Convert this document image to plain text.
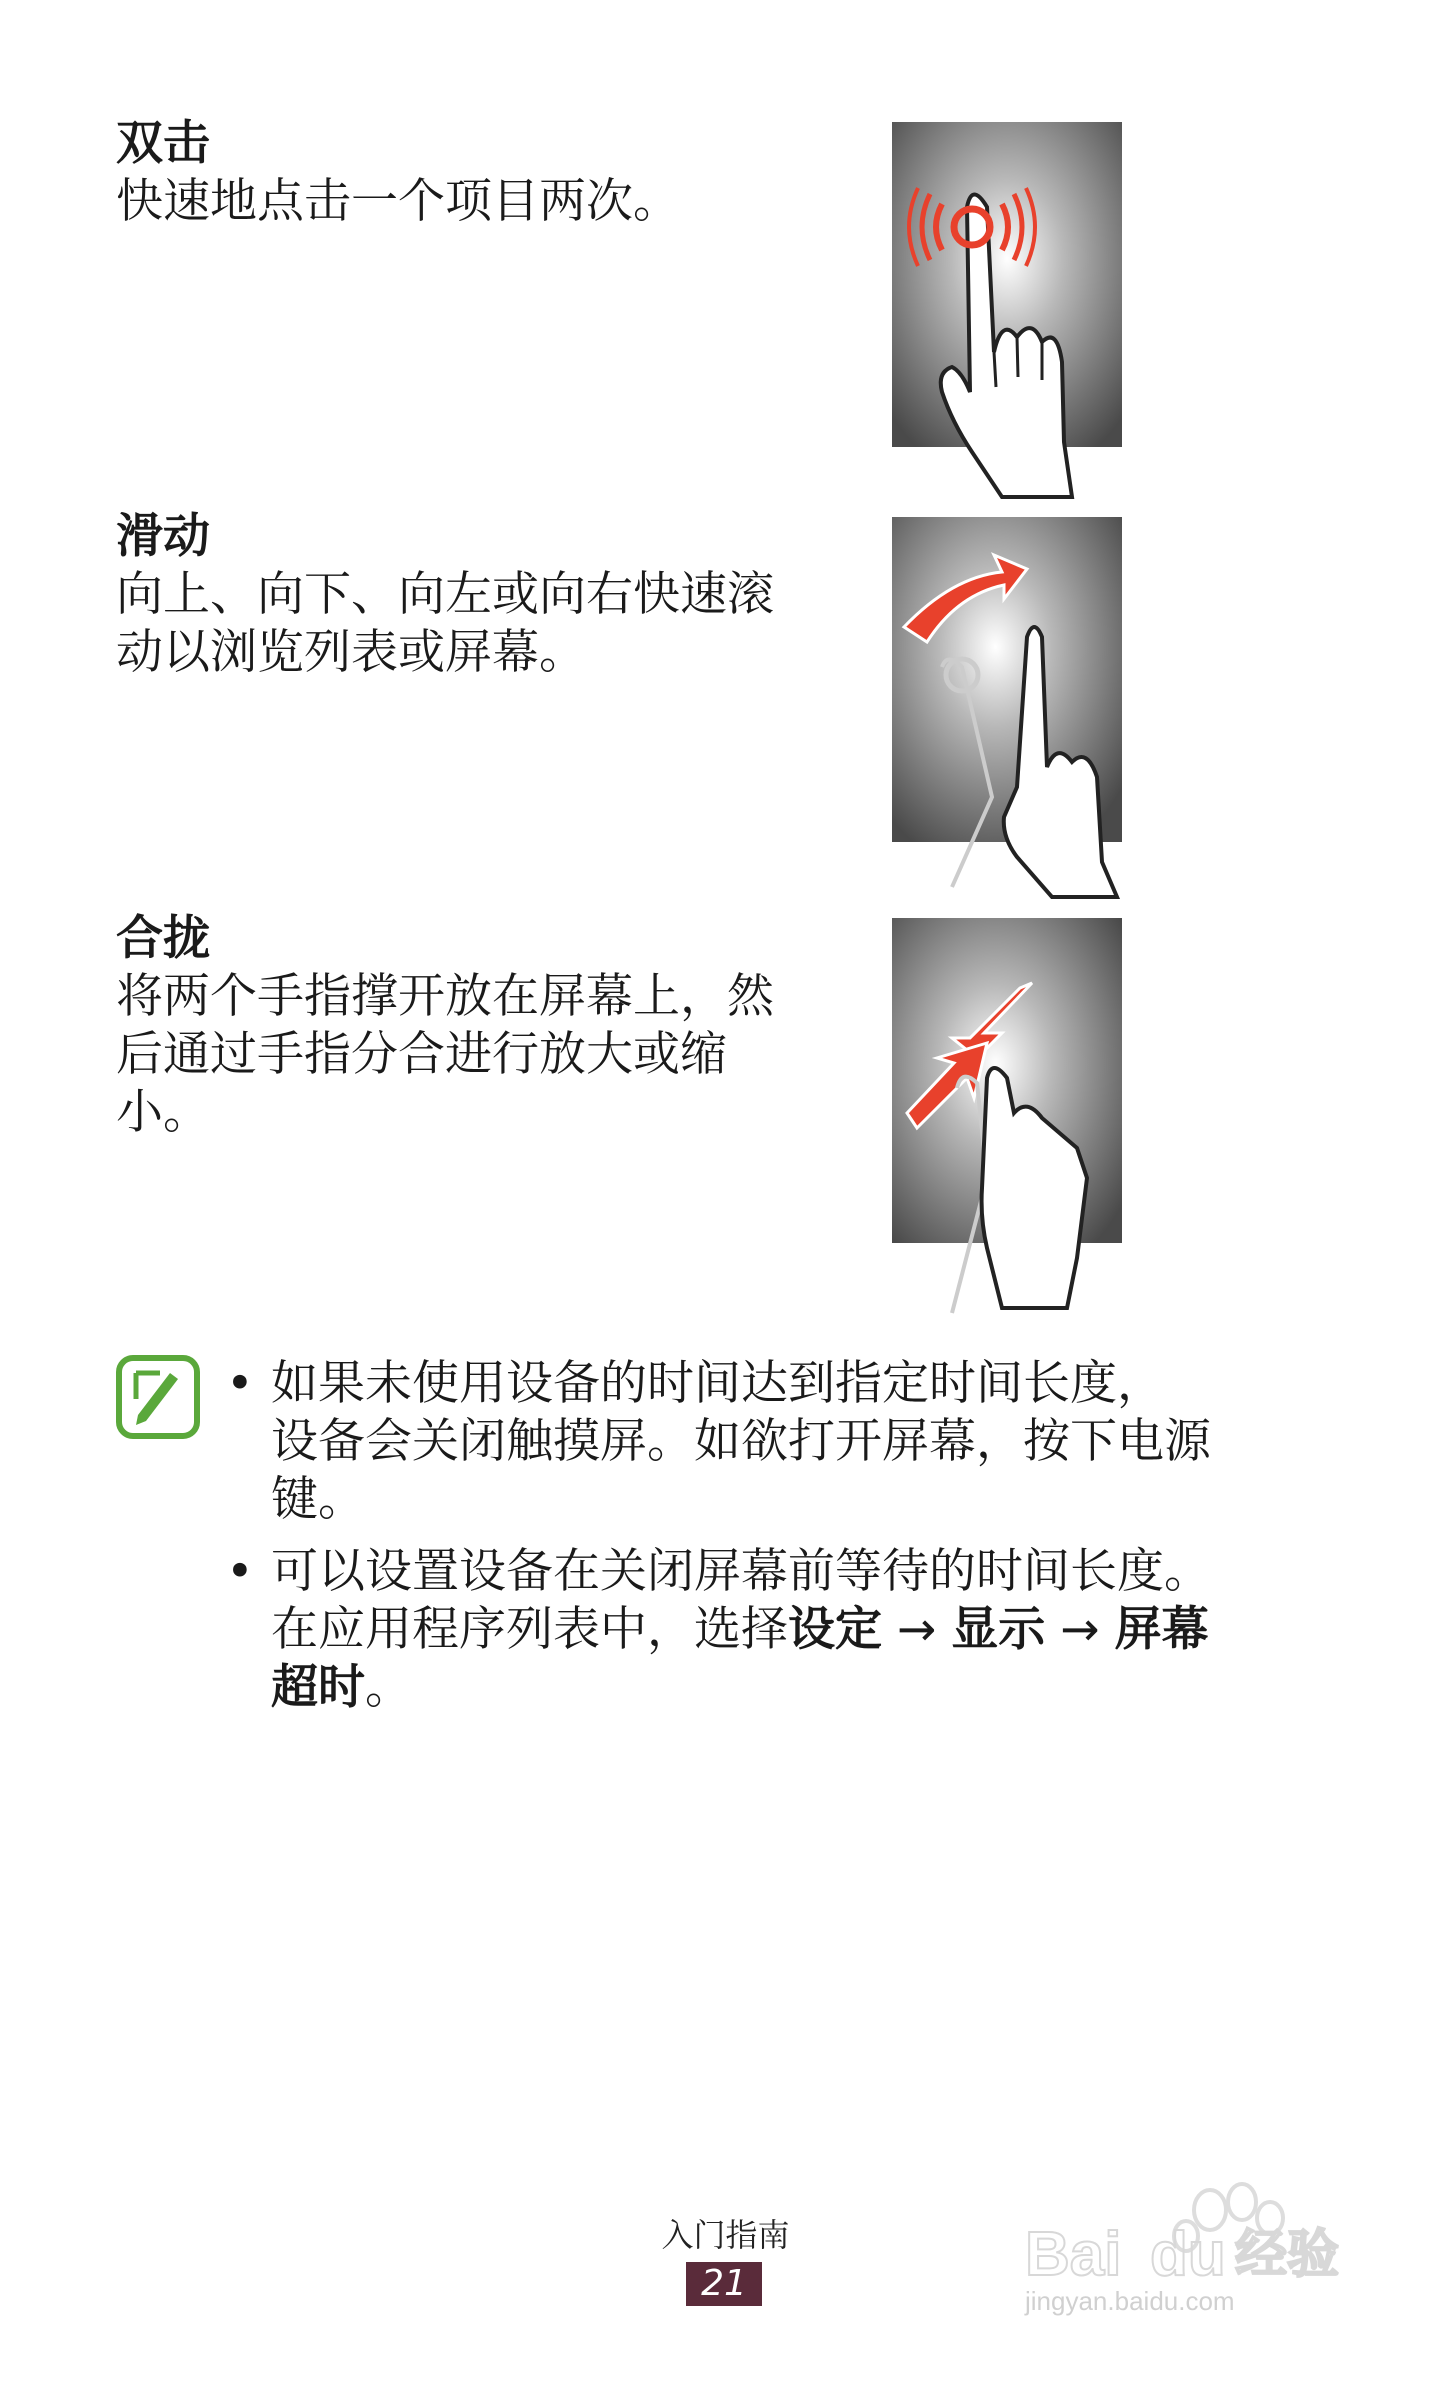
双击

快速地点击一个项目两次。

滑动

向上、向下、向左或向右快速滚

动以浏览列表或屏幕。

合拢

将两个手指撑开放在屏幕上，然

后通过手指分合进行放大或缩

小。

• 如果未使用设备的时间达到指定时间长度，
设备会关闭触摸屏。如欲打开屏幕，按下电源
键。
• 可以设置设备在关闭屏幕前等待的时间长度。
在应用程序列表中，选择设定 → 显示 → 屏幕
超时。
入门指南
21	Bai du 经验
jingyan.baidu.com
